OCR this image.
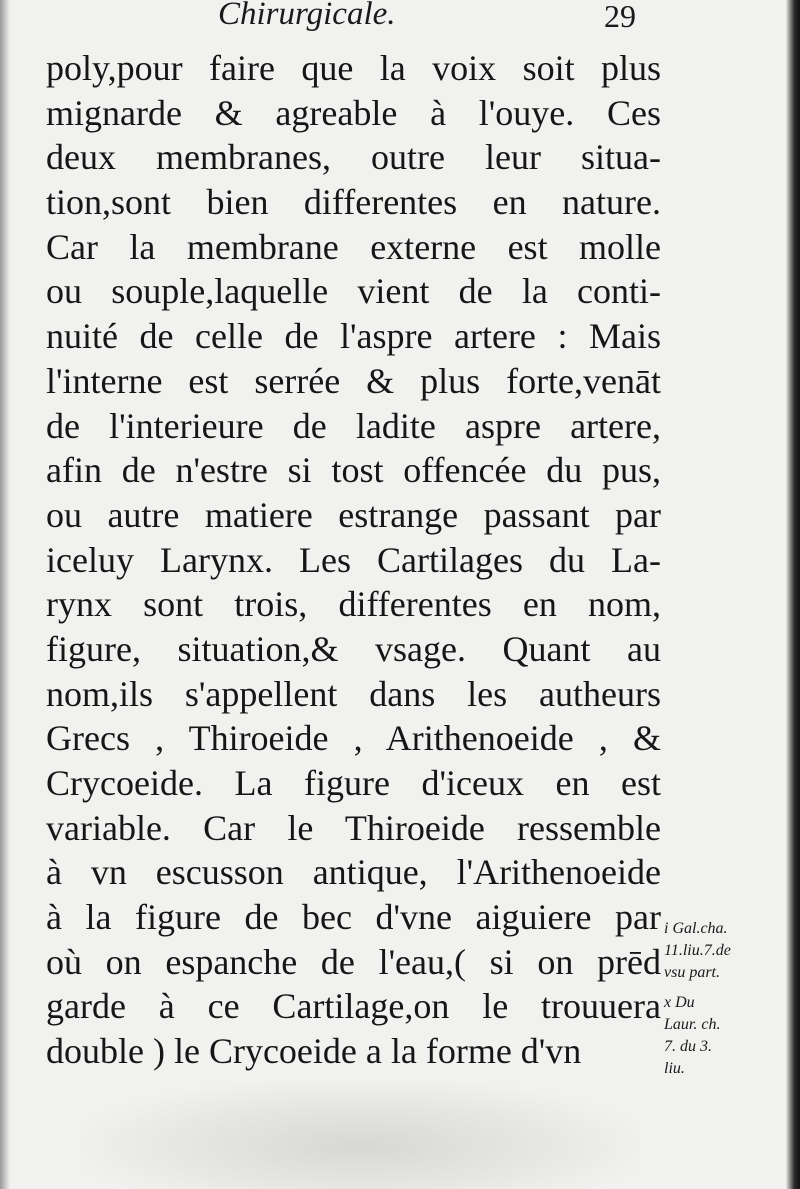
Chirurgicale.	29
poly,pour faire que la voix soit plus
mignarde & agreable à l'ouye. Ces
deux membranes, outre leur situa-
tion,sont bien differentes en nature.
Car la membrane externe est molle
ou souple,laquelle vient de la conti-
nuité de celle de l'aspre artere : Mais
l'interne est serrée & plus forte,venāt
de l'interieure de ladite aspre artere,
afin de n'estre si tost offencée du pus,
ou autre matiere estrange passant par
iceluy Larynx. Les Cartilages du La-
rynx sont trois, differentes en nom,
figure, situation,& vsage. Quant au
nom,ils s'appellent dans les autheurs
Grecs , Thiroeide , Arithenoeide , &
Crycoeide. La figure d'iceux en est
variable. Car le Thiroeide ressemble
à vn escusson antique, l'Arithenoeide
à la figure de bec d'vne aiguiere par
où on espanche de l'eau,( si on prēd
garde à ce Cartilage,on le trouuera
double ) le Crycoeide a la forme d'vn
i Gal.cha.
11.liu.7.de
vsu part.
x Du
Laur. ch.
7. du 3.
liu.
